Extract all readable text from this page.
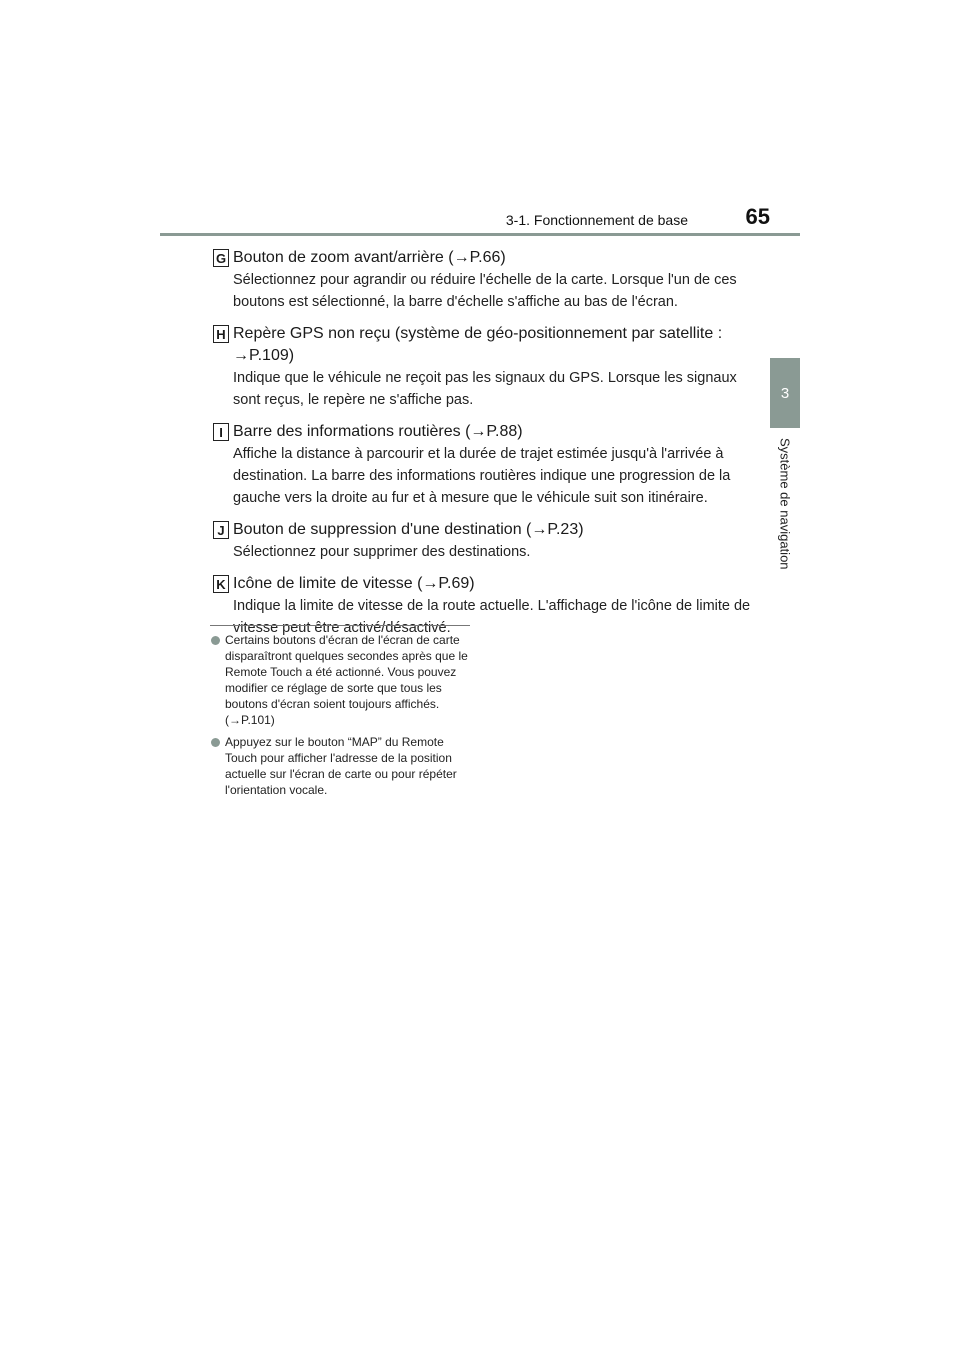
3-1. Fonctionnement de base	65
3
Système de navigation
G Bouton de zoom avant/arrière (→P.66)
Sélectionnez pour agrandir ou réduire l'échelle de la carte. Lorsque l'un de ces boutons est sélectionné, la barre d'échelle s'affiche au bas de l'écran.
H Repère GPS non reçu (système de géo-positionnement par satellite : →P.109)
Indique que le véhicule ne reçoit pas les signaux du GPS. Lorsque les signaux sont reçus, le repère ne s'affiche pas.
I Barre des informations routières (→P.88)
Affiche la distance à parcourir et la durée de trajet estimée jusqu'à l'arrivée à destination. La barre des informations routières indique une progression de la gauche vers la droite au fur et à mesure que le véhicule suit son itinéraire.
J Bouton de suppression d'une destination (→P.23)
Sélectionnez pour supprimer des destinations.
K Icône de limite de vitesse (→P.69)
Indique la limite de vitesse de la route actuelle. L'affichage de l'icône de limite de vitesse peut être activé/désactivé.
Certains boutons d'écran de l'écran de carte disparaîtront quelques secondes après que le Remote Touch a été actionné. Vous pouvez modifier ce réglage de sorte que tous les boutons d'écran soient toujours affichés. (→P.101)
Appuyez sur le bouton “MAP” du Remote Touch pour afficher l'adresse de la position actuelle sur l'écran de carte ou pour répéter l'orientation vocale.
